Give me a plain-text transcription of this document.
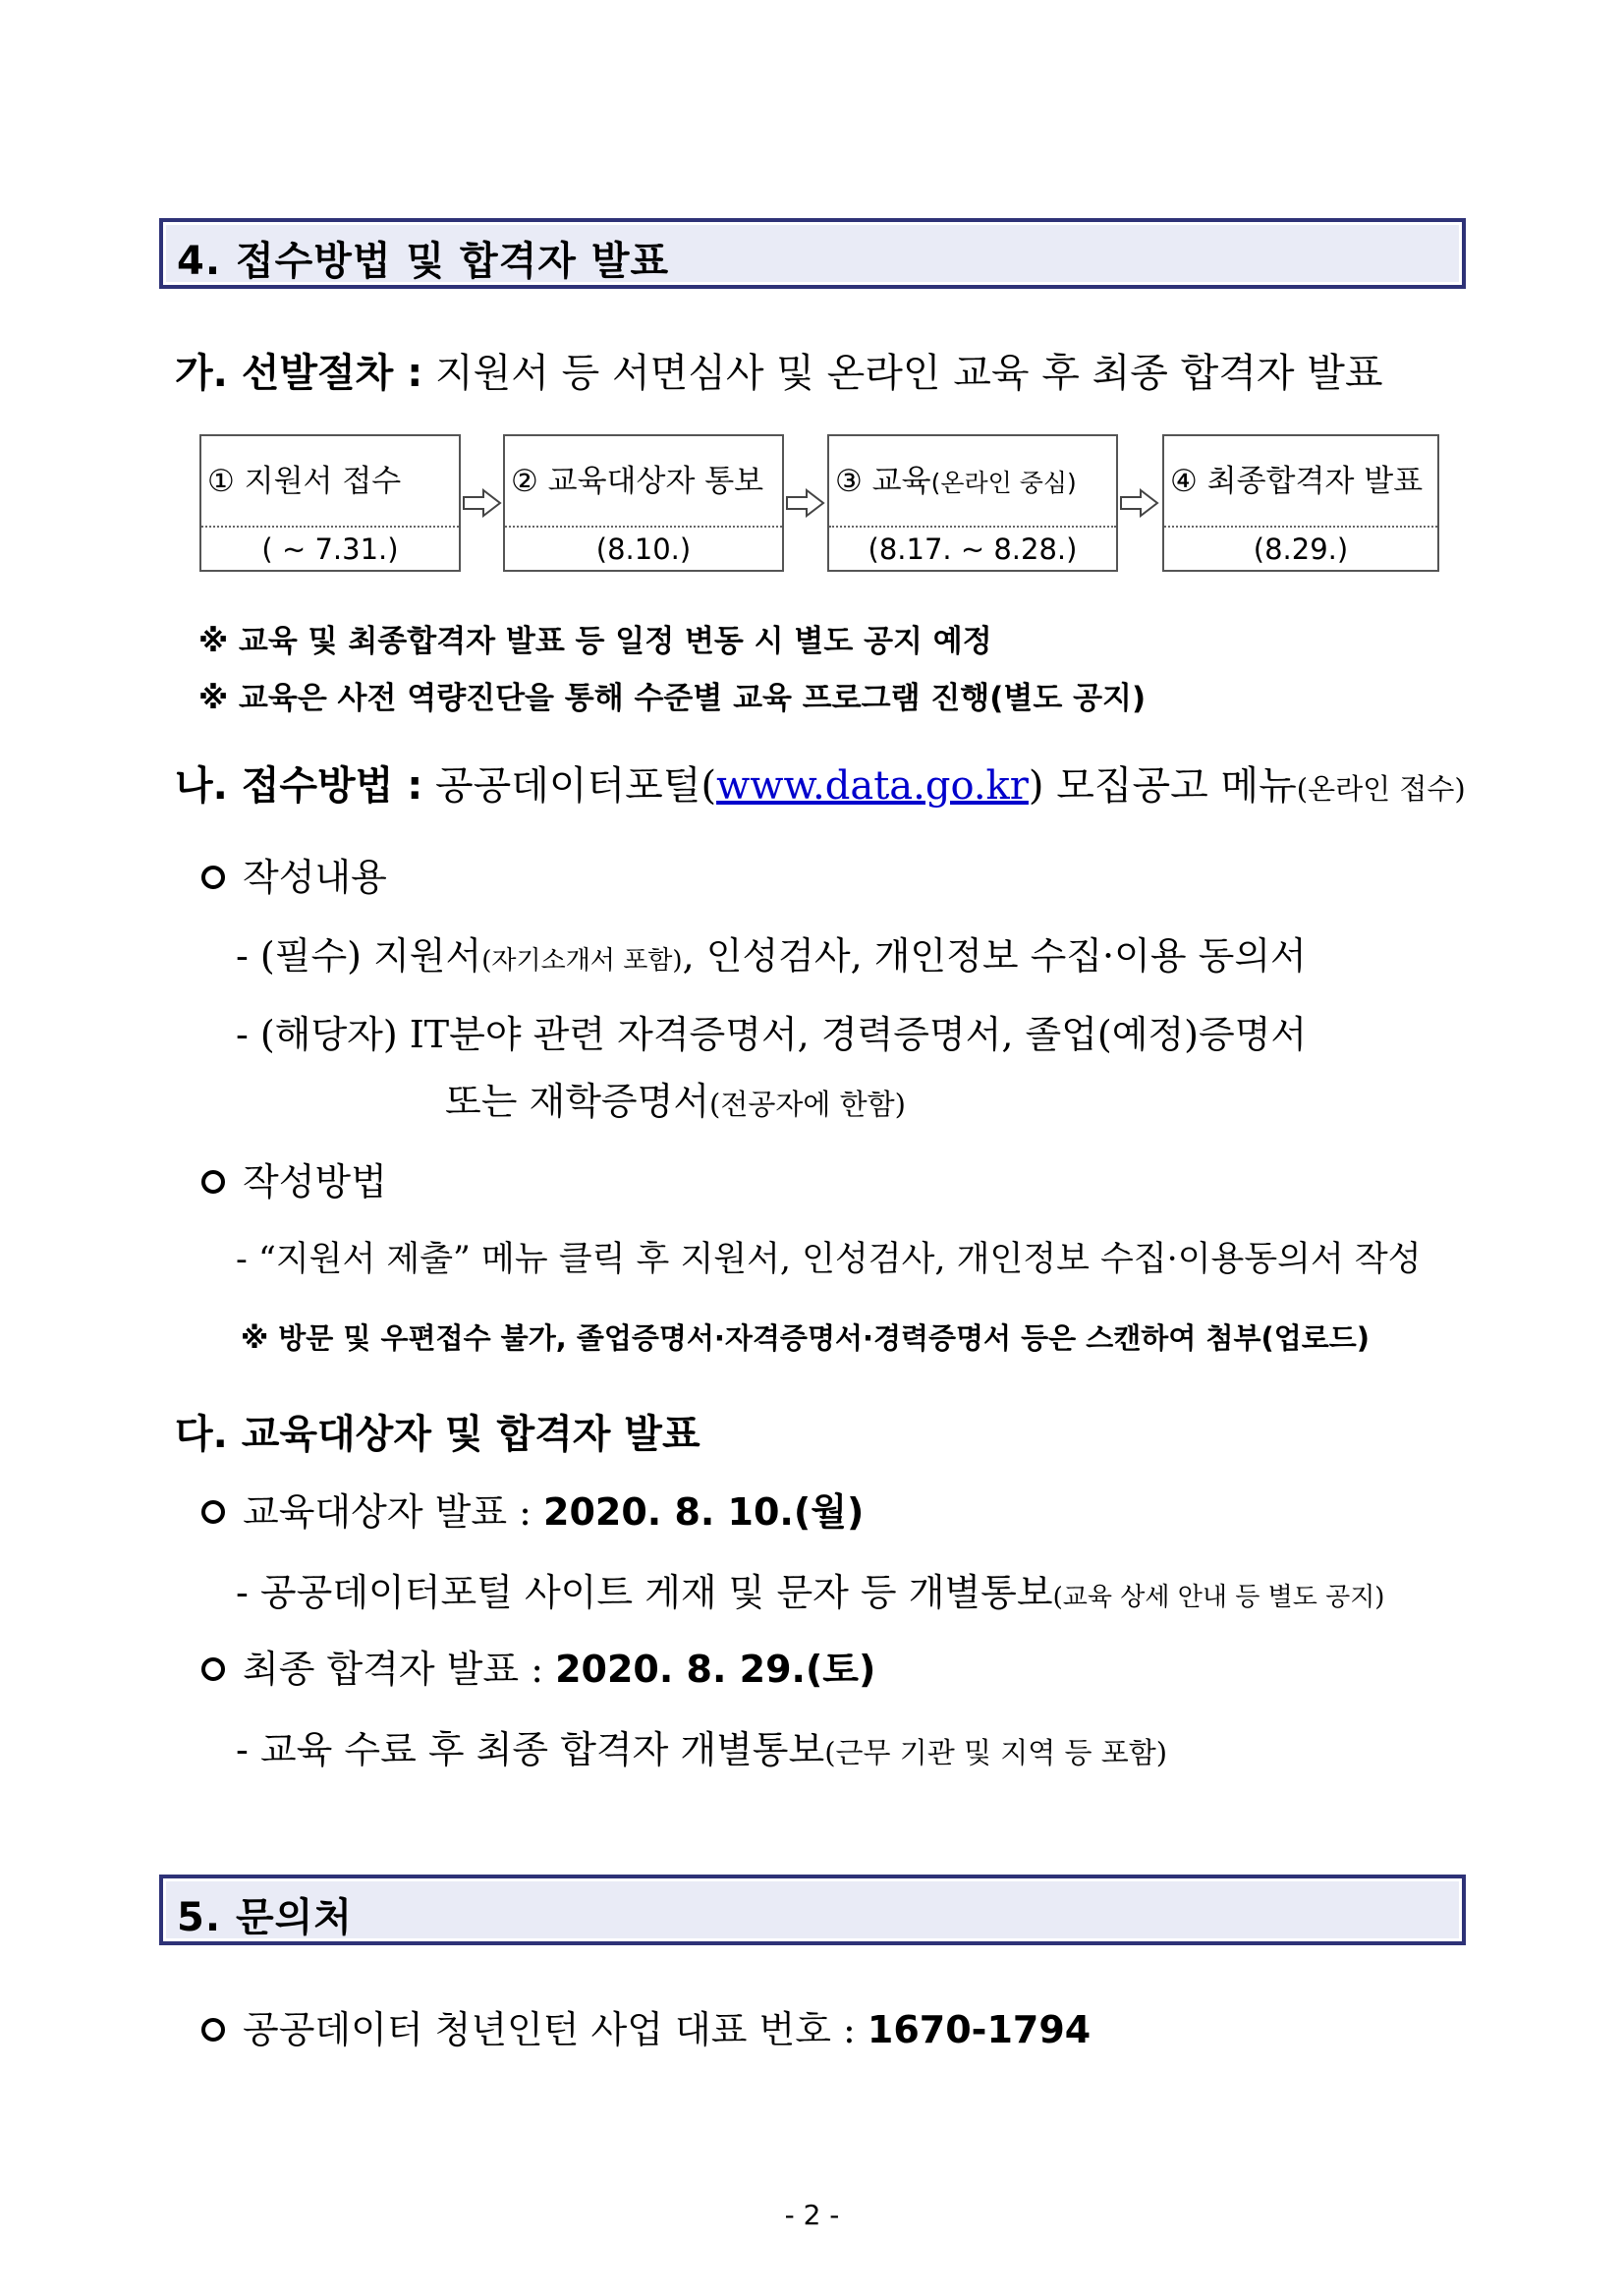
4. 접수방법 및 합격자 발표
가. 선발절차 : 지원서 등 서면심사 및 온라인 교육 후 최종 합격자 발표
① 지원서 접수
( ~ 7.31.)
② 교육대상자 통보
(8.10.)
③ 교육(온라인 중심)
(8.17. ~ 8.28.)
④ 최종합격자 발표
(8.29.)
※ 교육 및 최종합격자 발표 등 일정 변동 시 별도 공지 예정
※ 교육은 사전 역량진단을 통해 수준별 교육 프로그램 진행(별도 공지)
나. 접수방법 : 공공데이터포털(www.data.go.kr) 모집공고 메뉴(온라인 접수)
작성내용
- (필수) 지원서(자기소개서 포함), 인성검사, 개인정보 수집·이용 동의서
- (해당자) IT분야 관련 자격증명서, 경력증명서, 졸업(예정)증명서
또는 재학증명서(전공자에 한함)
작성방법
- “지원서 제출” 메뉴 클릭 후 지원서, 인성검사, 개인정보 수집·이용동의서 작성
※ 방문 및 우편접수 불가, 졸업증명서·자격증명서·경력증명서 등은 스캔하여 첨부(업로드)
다. 교육대상자 및 합격자 발표
교육대상자 발표 : 2020. 8. 10.(월)
- 공공데이터포털 사이트 게재 및 문자 등 개별통보(교육 상세 안내 등 별도 공지)
최종 합격자 발표 : 2020. 8. 29.(토)
- 교육 수료 후 최종 합격자 개별통보(근무 기관 및 지역 등 포함)
5. 문의처
공공데이터 청년인턴 사업 대표 번호 : 1670-1794
- 2 -
